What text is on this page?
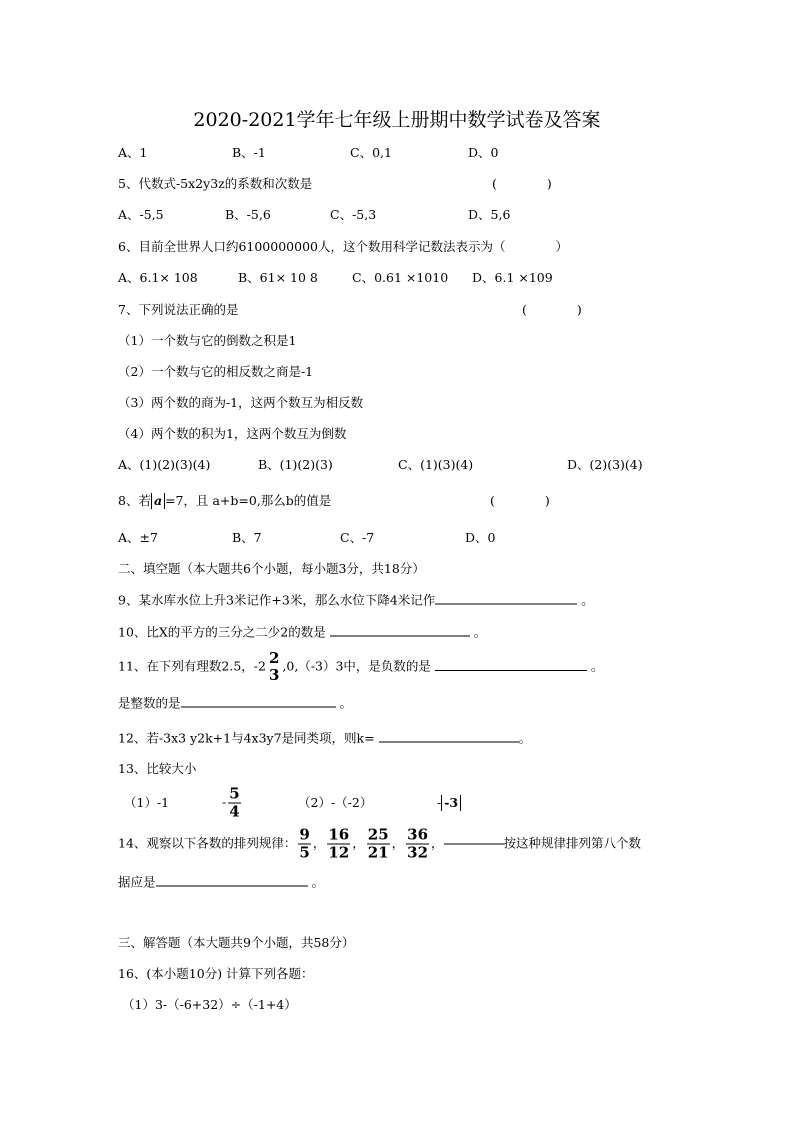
2020-2021学年七年级上册期中数学试卷及答案
A、1	B、-1	C、0,1	D、0
5、代数式-5x2y3z的系数和次数是	(　　　　)
A、-5,5	B、-5,6	C、-5,3	D、5,6
6、目前全世界人口约6100000000人，这个数用科学记数法表示为（　　　　）
A、6.1× 108	B、61× 10 8	C、0.61 ×1010 D、6.1 ×109
7、下列说法正确的是	(　　　　)
（1）一个数与它的倒数之积是1
（2）一个数与它的相反数之商是-1
（3）两个数的商为-1，这两个数互为相反数
（4）两个数的积为1，这两个数互为倒数
A、(1)(2)(3)(4)	B、(1)(2)(3)	C、(1)(3)(4)	D、(2)(3)(4)
8、若 a =7，且 a+b=0,那么b的值是	(　　　　)
A、±7	B、7	C、-7	D、0
二、填空题（本大题共6个小题，每小题3分，共18分）
9、某水库水位上升3米记作+3米，那么水位下降4米记作	。
10、比X的平方的三分之二少2的数是	。
11、在下列有理数2.5，-2 2
3 ,0,（-3）3中，是负数的是	。
是整数的是	。
12、若-3x3 y2k+1与4x3y7是同类项，则k=	。
13、比较大小
（1）-1	- $\frac{5}{4}$	（2）-（-2）	- -3
14、观察以下各数的排列规律： $\frac{9}{5}$ ， $\frac{16}{12}$ ， $\frac{25}{21}$ ， $\frac{36}{32}$ ，	按这种规律排列第八个数
据应是	。
三、解答题（本大题共9个小题，共58分）
16、(本小题10分) 计算下列各题：
（1）3-（-6+32）÷（-1+4）
